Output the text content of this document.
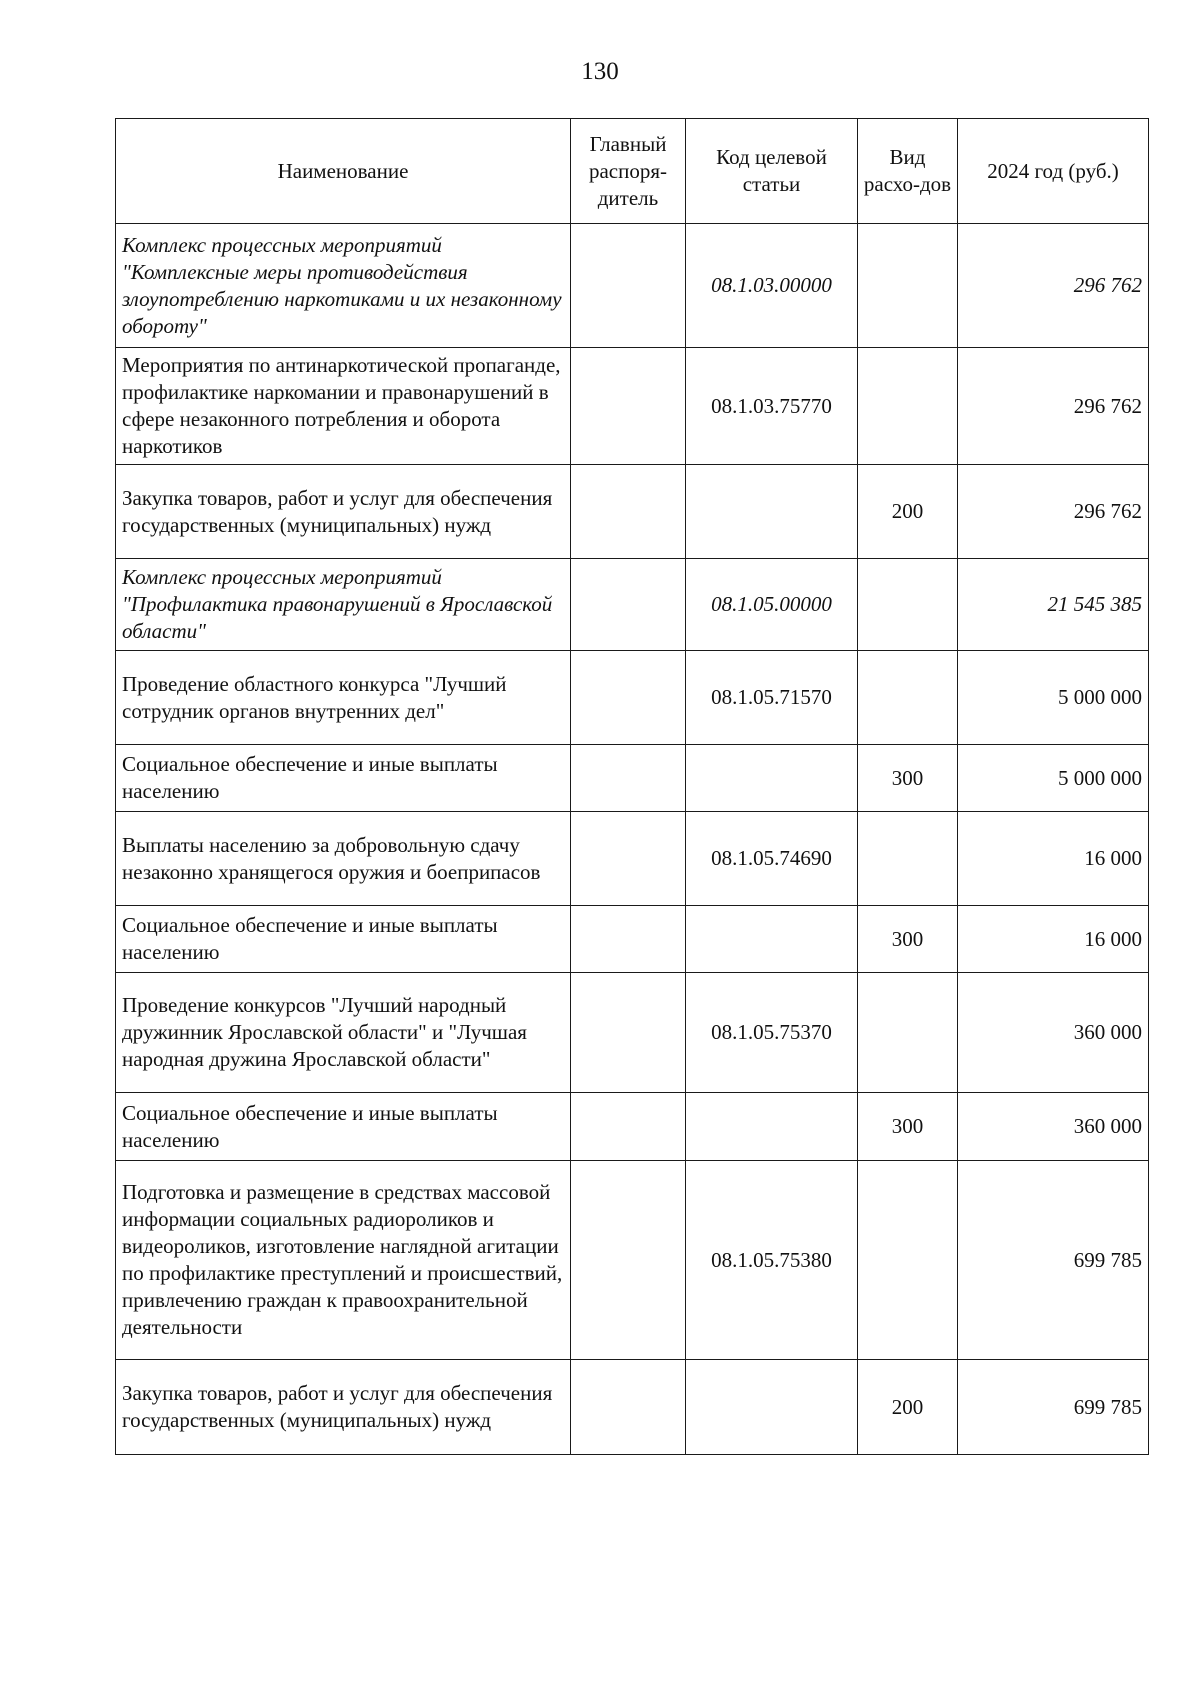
130
Наименование	Главный распоря-дитель	Код целевой статьи	Вид расхо-дов	2024 год (руб.)
Комплекс процессных мероприятий "Комплексные меры противодействия злоупотреблению наркотиками и их незаконному обороту"		08.1.03.00000		296 762
Мероприятия по антинаркотической пропаганде, профилактике наркомании и правонарушений в сфере незаконного потребления и оборота наркотиков		08.1.03.75770		296 762
Закупка товаров, работ и услуг для обеспечения государственных (муниципальных) нужд			200	296 762
Комплекс процессных мероприятий "Профилактика правонарушений в Ярославской области"		08.1.05.00000		21 545 385
Проведение областного конкурса "Лучший сотрудник органов внутренних дел"		08.1.05.71570		5 000 000
Социальное обеспечение и иные выплаты населению			300	5 000 000
Выплаты населению за добровольную сдачу незаконно хранящегося оружия и боеприпасов		08.1.05.74690		16 000
Социальное обеспечение и иные выплаты населению			300	16 000
Проведение конкурсов "Лучший народный дружинник Ярославской области" и "Лучшая народная дружина Ярославской области"		08.1.05.75370		360 000
Социальное обеспечение и иные выплаты населению			300	360 000
Подготовка и размещение в средствах массовой информации социальных радиороликов и видеороликов, изготовление наглядной агитации по профилактике преступлений и происшествий, привлечению граждан к правоохранительной деятельности		08.1.05.75380		699 785
Закупка товаров, работ и услуг для обеспечения государственных (муниципальных) нужд			200	699 785
